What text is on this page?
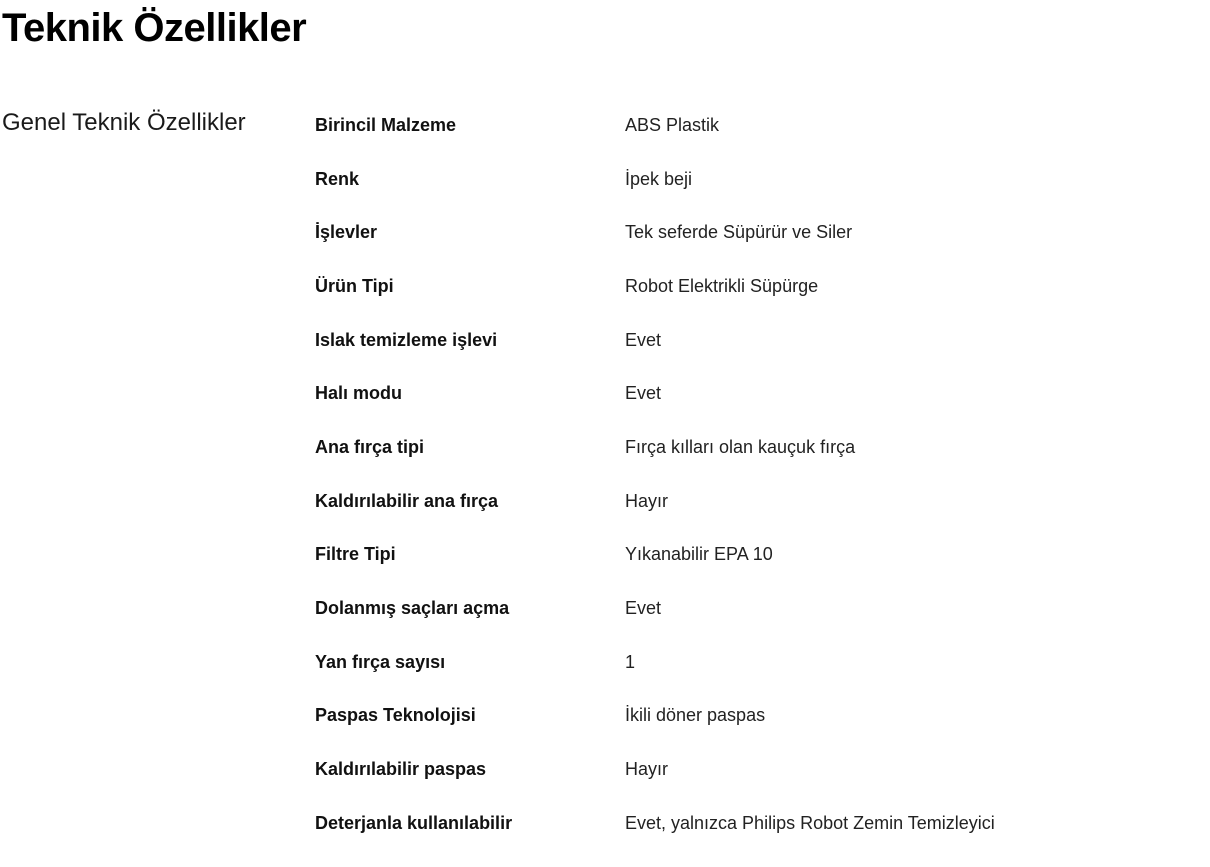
Teknik Özellikler
Genel Teknik Özellikler	Birincil Malzeme	ABS Plastik
Renk	İpek beji
İşlevler	Tek seferde Süpürür ve Siler
Ürün Tipi	Robot Elektrikli Süpürge
Islak temizleme işlevi	Evet
Halı modu	Evet
Ana fırça tipi	Fırça kılları olan kauçuk fırça
Kaldırılabilir ana fırça	Hayır
Filtre Tipi	Yıkanabilir EPA 10
Dolanmış saçları açma	Evet
Yan fırça sayısı	1
Paspas Teknolojisi	İkili döner paspas
Kaldırılabilir paspas	Hayır
Deterjanla kullanılabilir	Evet, yalnızca Philips Robot Zemin Temizleyici
